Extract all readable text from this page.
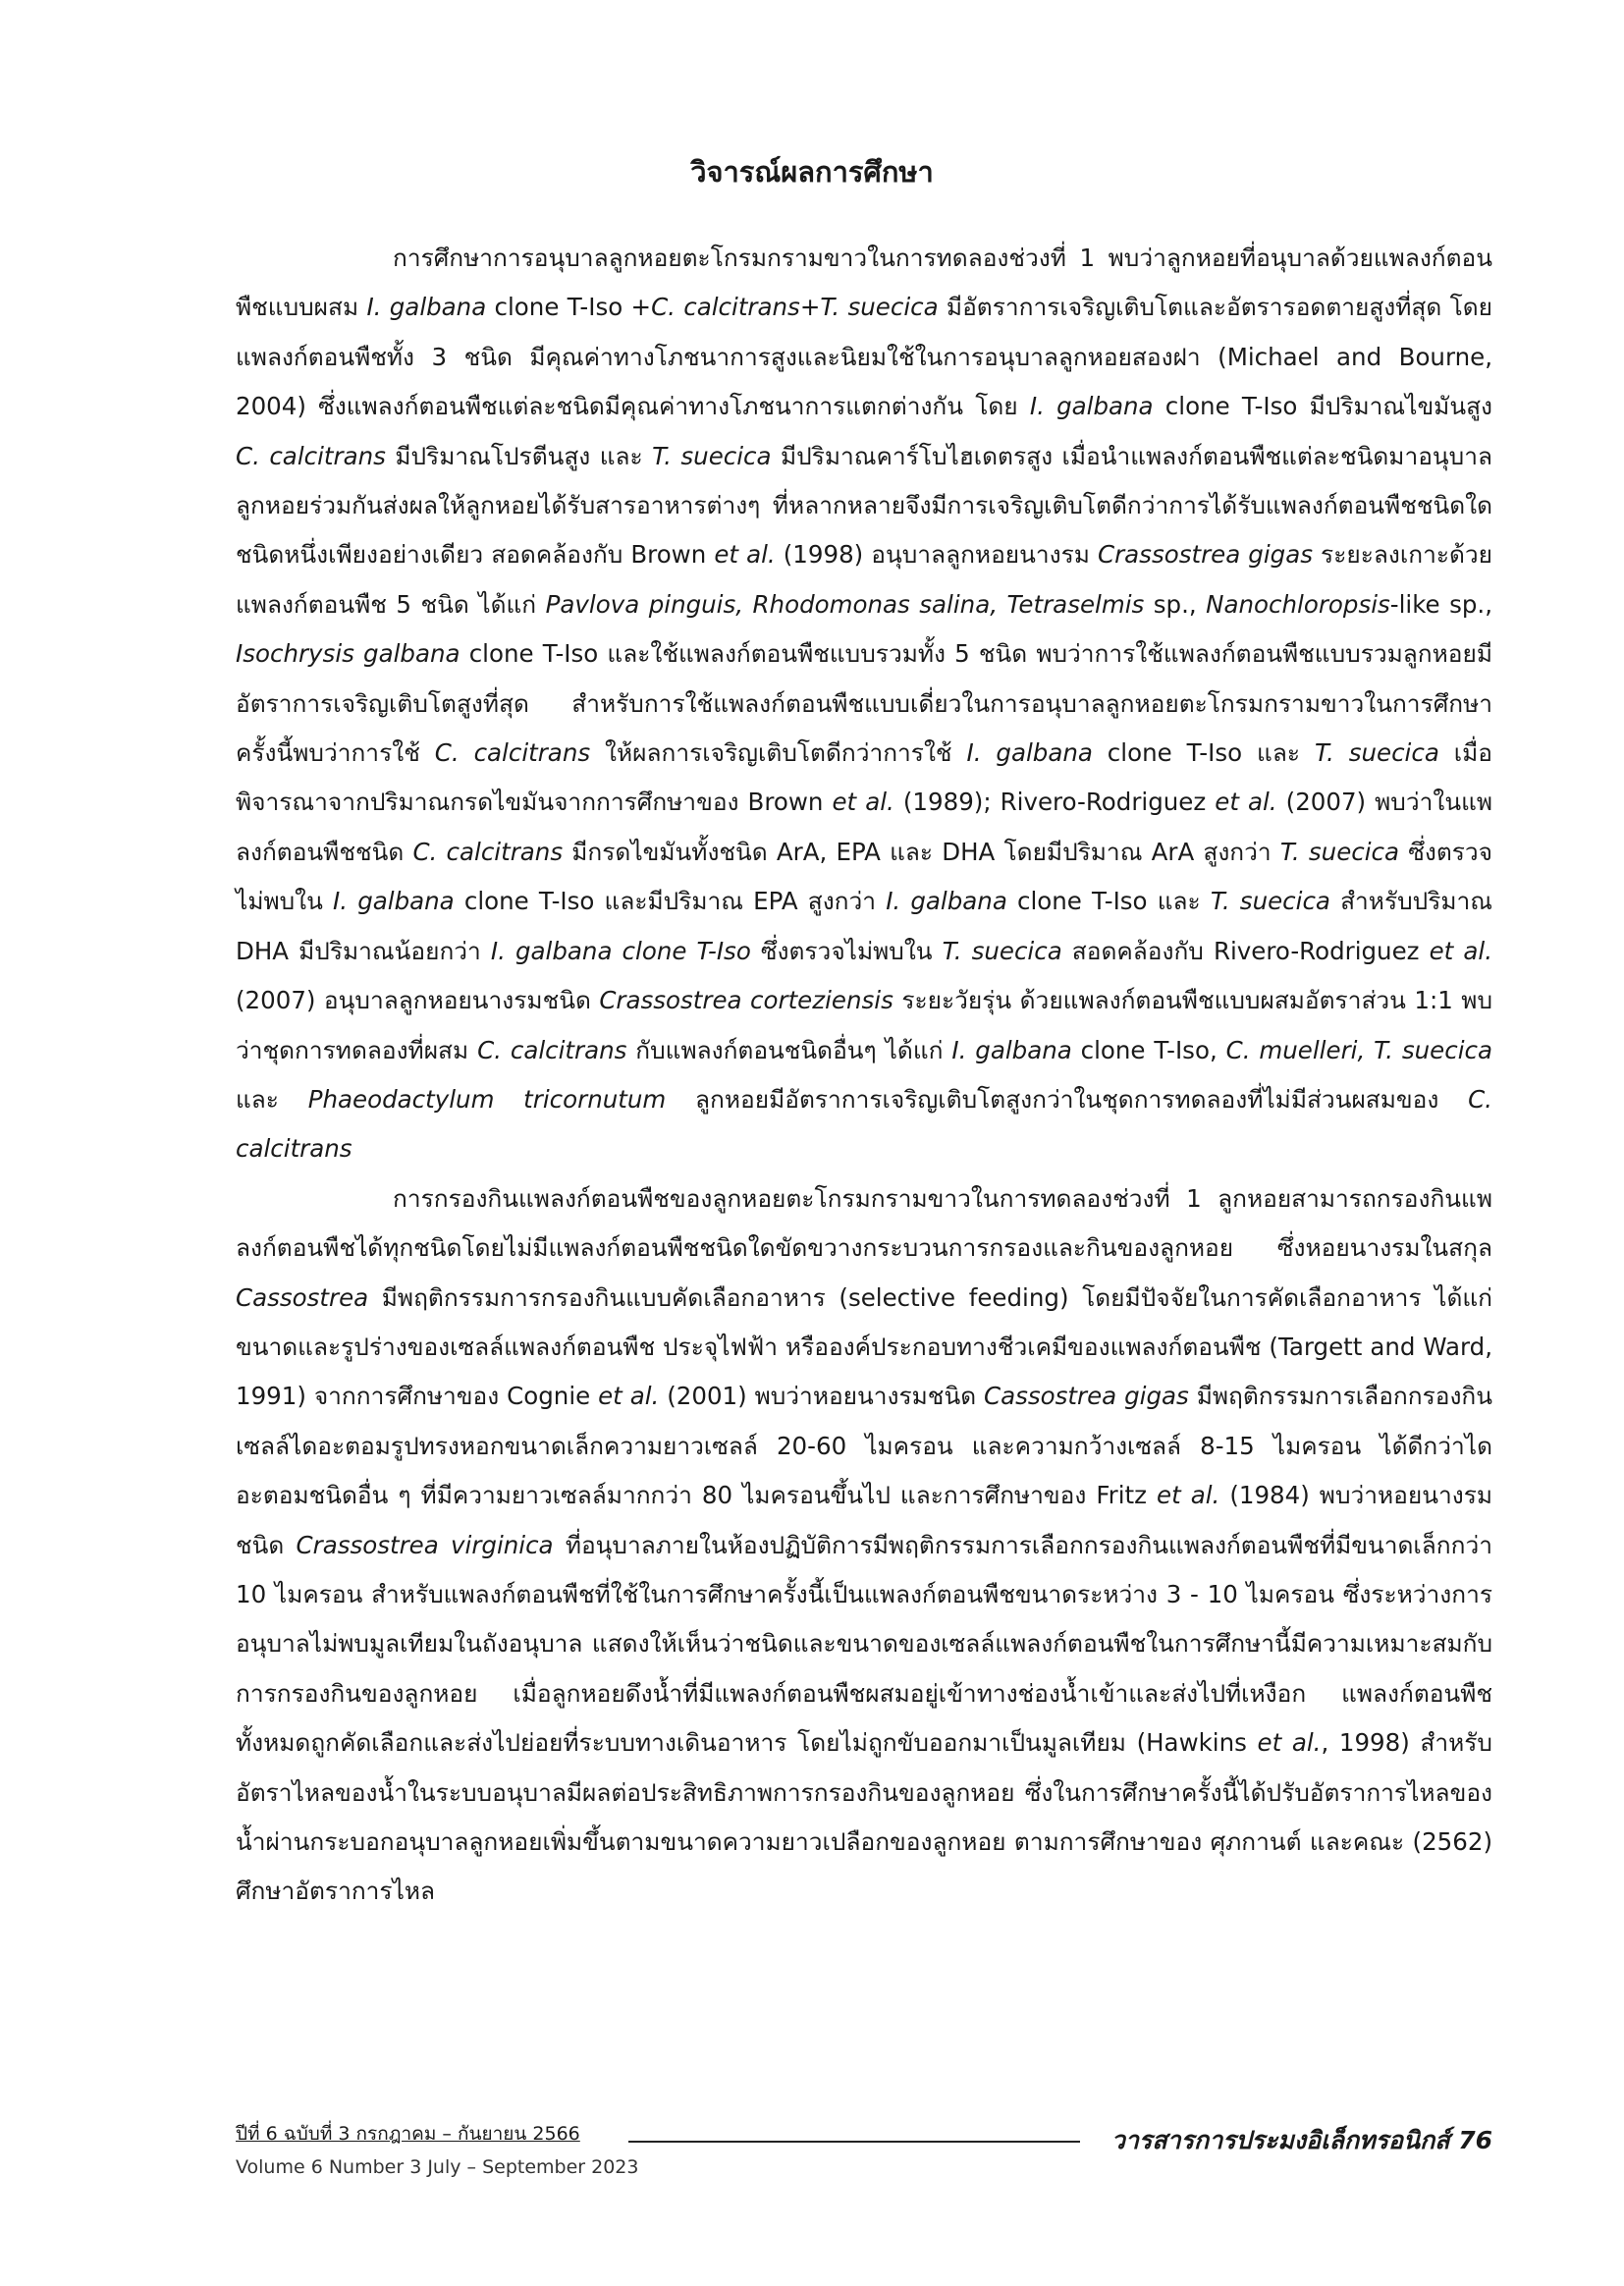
วิจารณ์ผลการศึกษา

การศึกษาการอนุบาลลูกหอยตะโกรมกรามขาวในการทดลองช่วงที่ 1 พบว่าลูกหอยที่อนุบาลด้วยแพลงก์ตอนพืชแบบผสม I. galbana clone T-Iso +C. calcitrans+T. suecica มีอัตราการเจริญเติบโตและอัตรารอดตายสูงที่สุด โดยแพลงก์ตอนพืชทั้ง 3 ชนิด มีคุณค่าทางโภชนาการสูงและนิยมใช้ในการอนุบาลลูกหอยสองฝา (Michael and Bourne, 2004) ซึ่งแพลงก์ตอนพืชแต่ละชนิดมีคุณค่าทางโภชนาการแตกต่างกัน โดย I. galbana clone T-Iso มีปริมาณไขมันสูง C. calcitrans มีปริมาณโปรตีนสูง และ T. suecica มีปริมาณคาร์โบไฮเดตรสูง เมื่อนำแพลงก์ตอนพืชแต่ละชนิดมาอนุบาลลูกหอยร่วมกันส่งผลให้ลูกหอยได้รับสารอาหารต่างๆ ที่หลากหลายจึงมีการเจริญเติบโตดีกว่าการได้รับแพลงก์ตอนพืชชนิดใดชนิดหนึ่งเพียงอย่างเดียว สอดคล้องกับ Brown et al. (1998) อนุบาลลูกหอยนางรม Crassostrea gigas ระยะลงเกาะด้วยแพลงก์ตอนพืช 5 ชนิด ได้แก่ Pavlova pinguis, Rhodomonas salina, Tetraselmis sp., Nanochloropsis-like sp., Isochrysis galbana clone T-Iso และใช้แพลงก์ตอนพืชแบบรวมทั้ง 5 ชนิด พบว่าการใช้แพลงก์ตอนพืชแบบรวมลูกหอยมีอัตราการเจริญเติบโตสูงที่สุด สำหรับการใช้แพลงก์ตอนพืชแบบเดี่ยวในการอนุบาลลูกหอยตะโกรมกรามขาวในการศึกษาครั้งนี้พบว่าการใช้ C. calcitrans ให้ผลการเจริญเติบโตดีกว่าการใช้ I. galbana clone T-Iso และ T. suecica เมื่อพิจารณาจากปริมาณกรดไขมันจากการศึกษาของ Brown et al. (1989); Rivero-Rodriguez et al. (2007) พบว่าในแพลงก์ตอนพืชชนิด C. calcitrans มีกรดไขมันทั้งชนิด ArA, EPA และ DHA โดยมีปริมาณ ArA สูงกว่า T. suecica ซึ่งตรวจไม่พบใน I. galbana clone T-Iso และมีปริมาณ EPA สูงกว่า I. galbana clone T-Iso และ T. suecica สำหรับปริมาณ DHA มีปริมาณน้อยกว่า I. galbana clone T-Iso ซึ่งตรวจไม่พบใน T. suecica สอดคล้องกับ Rivero-Rodriguez et al. (2007) อนุบาลลูกหอยนางรมชนิด Crassostrea corteziensis ระยะวัยรุ่น ด้วยแพลงก์ตอนพืชแบบผสมอัตราส่วน 1:1 พบว่าชุดการทดลองที่ผสม C. calcitrans กับแพลงก์ตอนชนิดอื่นๆ ได้แก่ I. galbana clone T-Iso, C. muelleri, T. suecica และ Phaeodactylum tricornutum ลูกหอยมีอัตราการเจริญเติบโตสูงกว่าในชุดการทดลองที่ไม่มีส่วนผสมของ C. calcitrans

การกรองกินแพลงก์ตอนพืชของลูกหอยตะโกรมกรามขาวในการทดลองช่วงที่ 1 ลูกหอยสามารถกรองกินแพลงก์ตอนพืชได้ทุกชนิดโดยไม่มีแพลงก์ตอนพืชชนิดใดขัดขวางกระบวนการกรองและกินของลูกหอย ซึ่งหอยนางรมในสกุล Cassostrea มีพฤติกรรมการกรองกินแบบคัดเลือกอาหาร (selective feeding) โดยมีปัจจัยในการคัดเลือกอาหาร ได้แก่ ขนาดและรูปร่างของเซลล์แพลงก์ตอนพืช ประจุไฟฟ้า หรือองค์ประกอบทางชีวเคมีของแพลงก์ตอนพืช (Targett and Ward, 1991) จากการศึกษาของ Cognie et al. (2001) พบว่าหอยนางรมชนิด Cassostrea gigas มีพฤติกรรมการเลือกกรองกินเซลล์ไดอะตอมรูปทรงหอกขนาดเล็กความยาวเซลล์ 20-60 ไมครอน และความกว้างเซลล์ 8-15 ไมครอน ได้ดีกว่าไดอะตอมชนิดอื่น ๆ ที่มีความยาวเซลล์มากกว่า 80 ไมครอนขึ้นไป และการศึกษาของ Fritz et al. (1984) พบว่าหอยนางรมชนิด Crassostrea virginica ที่อนุบาลภายในห้องปฏิบัติการมีพฤติกรรมการเลือกกรองกินแพลงก์ตอนพืชที่มีขนาดเล็กกว่า 10 ไมครอน สำหรับแพลงก์ตอนพืชที่ใช้ในการศึกษาครั้งนี้เป็นแพลงก์ตอนพืชขนาดระหว่าง 3 - 10 ไมครอน ซึ่งระหว่างการอนุบาลไม่พบมูลเทียมในถังอนุบาล แสดงให้เห็นว่าชนิดและขนาดของเซลล์แพลงก์ตอนพืชในการศึกษานี้มีความเหมาะสมกับการกรองกินของลูกหอย เมื่อลูกหอยดึงน้ำที่มีแพลงก์ตอนพืชผสมอยู่เข้าทางช่องน้ำเข้าและส่งไปที่เหงือก แพลงก์ตอนพืชทั้งหมดถูกคัดเลือกและส่งไปย่อยที่ระบบทางเดินอาหาร โดยไม่ถูกขับออกมาเป็นมูลเทียม (Hawkins et al., 1998) สำหรับอัตราไหลของน้ำในระบบอนุบาลมีผลต่อประสิทธิภาพการกรองกินของลูกหอย ซึ่งในการศึกษาครั้งนี้ได้ปรับอัตราการไหลของน้ำผ่านกระบอกอนุบาลลูกหอยเพิ่มขึ้นตามขนาดความยาวเปลือกของลูกหอย ตามการศึกษาของ ศุภกานต์ และคณะ (2562) ศึกษาอัตราการไหล

ปีที่ 6 ฉบับที่ 3 กรกฎาคม – กันยายน 2566
Volume 6 Number 3 July – September 2023
วารสารการประมงอิเล็กทรอนิกส์ 76
